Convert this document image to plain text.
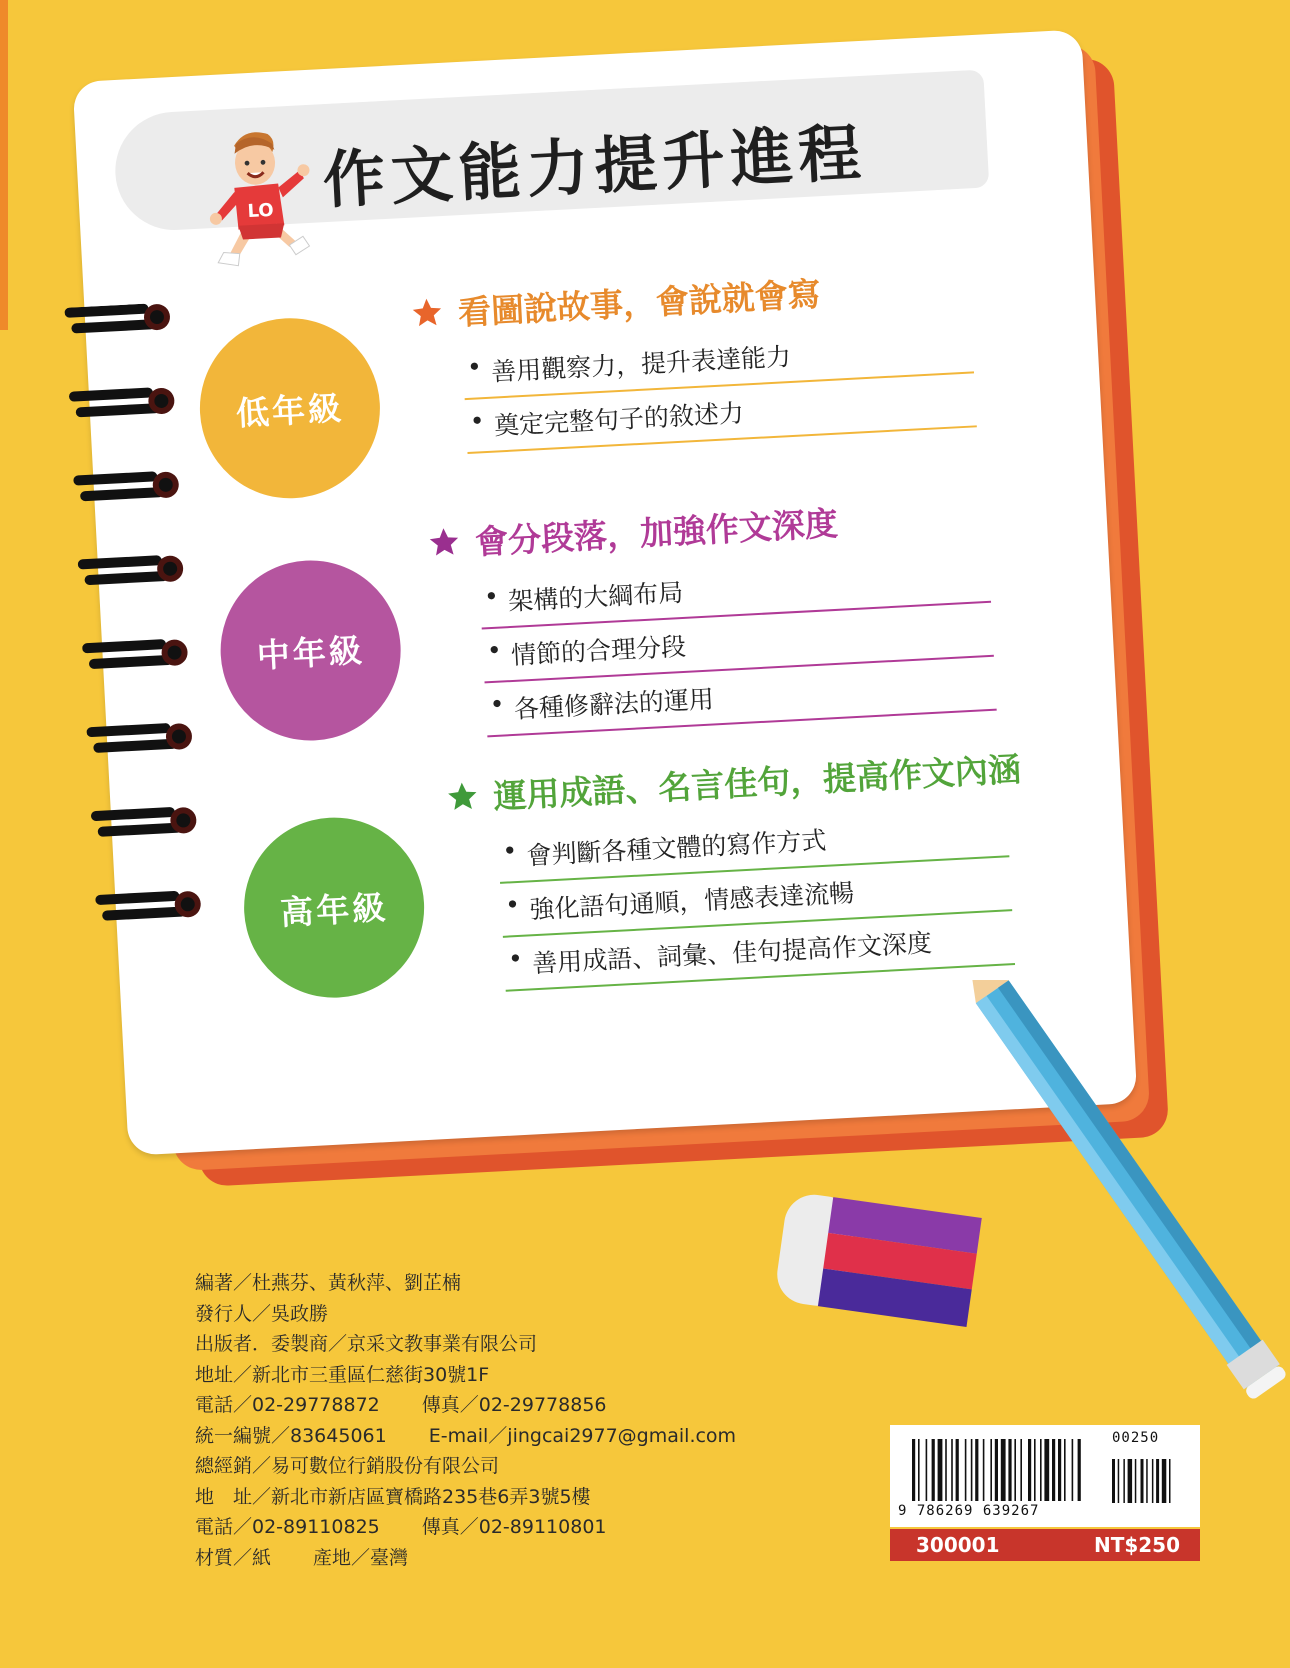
作文能力提升進程
LO
低年級
中年級
高年級
看圖說故事，會說就會寫
• 善用觀察力，提升表達能力
• 奠定完整句子的敘述力
會分段落，加強作文深度
• 架構的大綱布局
• 情節的合理分段
• 各種修辭法的運用
運用成語、名言佳句，提高作文內涵
• 會判斷各種文體的寫作方式
• 強化語句通順，情感表達流暢
• 善用成語、詞彙、佳句提高作文深度
編著／杜燕芬、黃秋萍、劉芷楠
發行人／吳政勝
出版者．委製商／京采文教事業有限公司
地址／新北市三重區仁慈街30號1F
電話／02-29778872 傳真／02-29778856
統一編號／83645061 E-mail／jingcai2977@gmail.com
總經銷／易可數位行銷股份有限公司
地　址／新北市新店區寶橋路235巷6弄3號5樓
電話／02-89110825 傳真／02-89110801
材質／紙 產地／臺灣
00250
9 786269 639267
300001	NT$250
